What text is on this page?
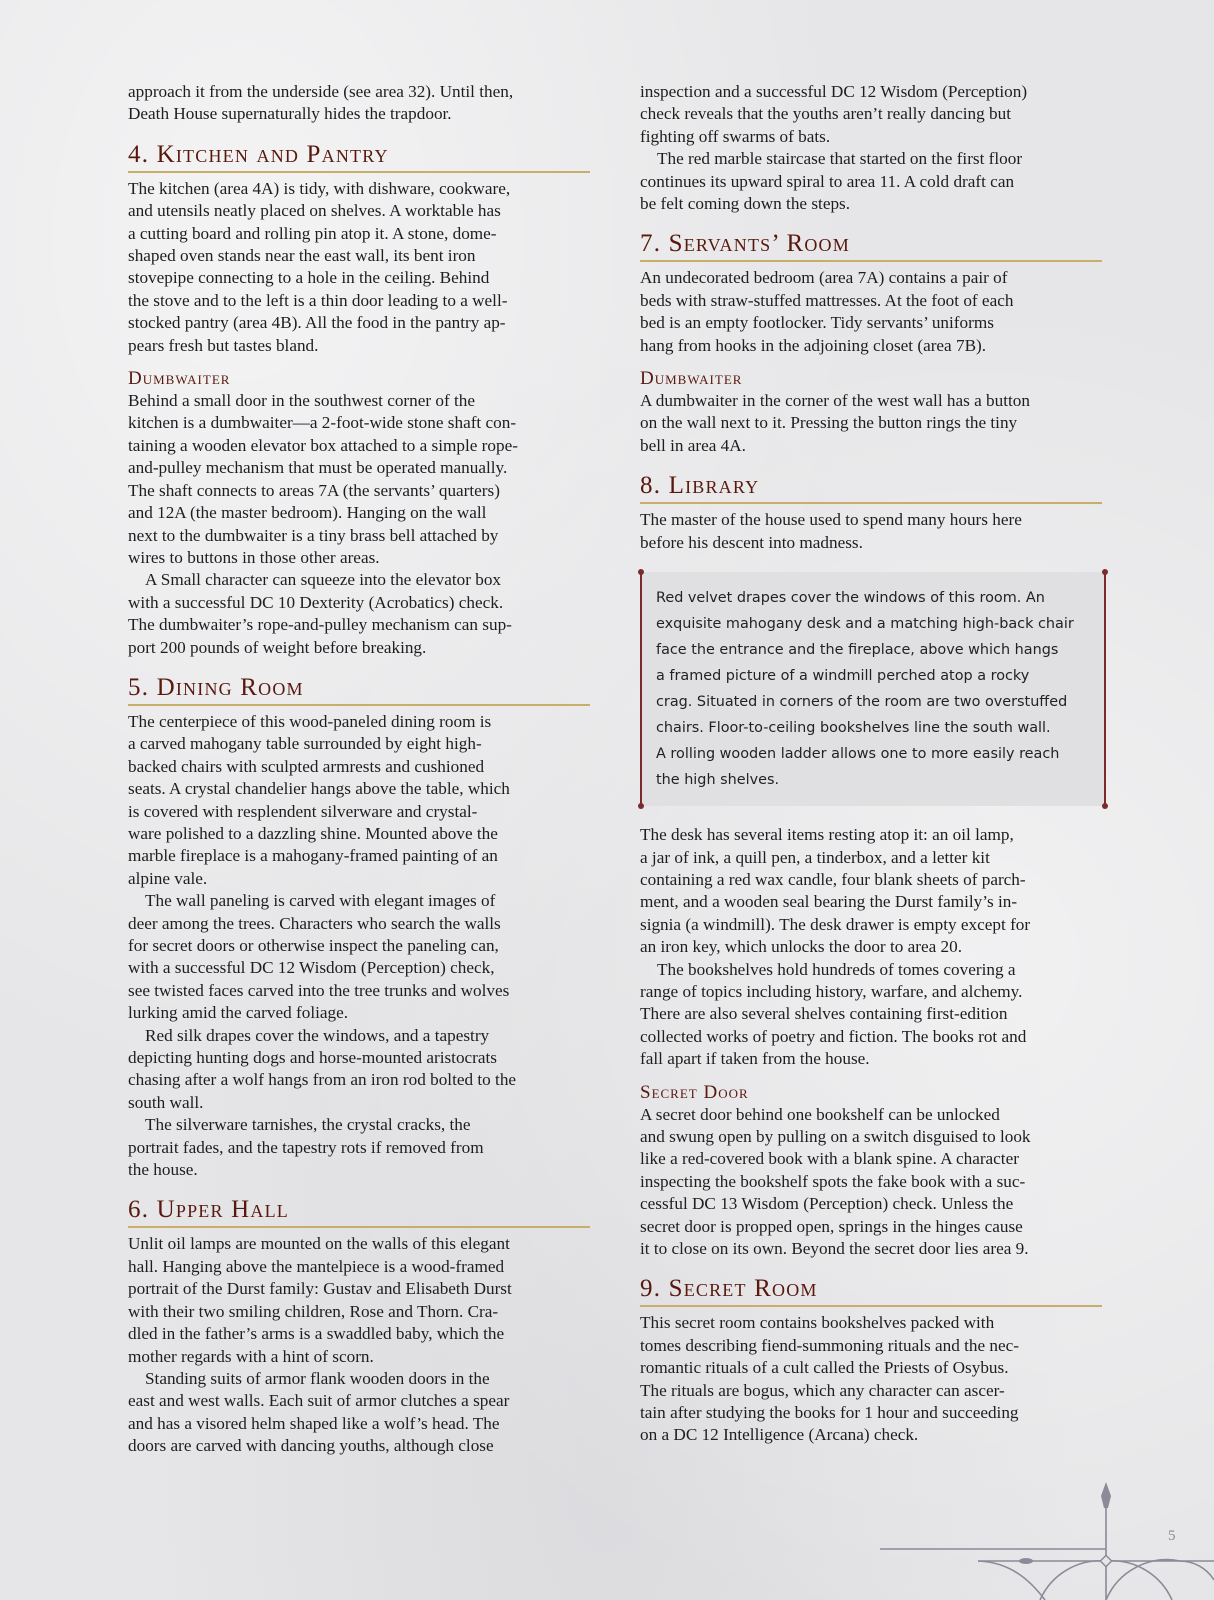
approach it from the underside (see area 32). Until then,
Death House supernaturally hides the trapdoor.
4. Kitchen and Pantry
The kitchen (area 4A) is tidy, with dishware, cookware,
and utensils neatly placed on shelves. A worktable has
a cutting board and rolling pin atop it. A stone, dome-
shaped oven stands near the east wall, its bent iron
stovepipe connecting to a hole in the ceiling. Behind
the stove and to the left is a thin door leading to a well-
stocked pantry (area 4B). All the food in the pantry ap-
pears fresh but tastes bland.
Dumbwaiter
Behind a small door in the southwest corner of the
kitchen is a dumbwaiter—a 2-foot-wide stone shaft con-
taining a wooden elevator box attached to a simple rope-
and-pulley mechanism that must be operated manually.
The shaft connects to areas 7A (the servants’ quarters)
and 12A (the master bedroom). Hanging on the wall
next to the dumbwaiter is a tiny brass bell attached by
wires to buttons in those other areas.
A Small character can squeeze into the elevator box
with a successful DC 10 Dexterity (Acrobatics) check.
The dumbwaiter’s rope-and-pulley mechanism can sup-
port 200 pounds of weight before breaking.
5. Dining Room
The centerpiece of this wood-paneled dining room is
a carved mahogany table surrounded by eight high-
backed chairs with sculpted armrests and cushioned
seats. A crystal chandelier hangs above the table, which
is covered with resplendent silverware and crystal-
ware polished to a dazzling shine. Mounted above the
marble fireplace is a mahogany-framed painting of an
alpine vale.
The wall paneling is carved with elegant images of
deer among the trees. Characters who search the walls
for secret doors or otherwise inspect the paneling can,
with a successful DC 12 Wisdom (Perception) check,
see twisted faces carved into the tree trunks and wolves
lurking amid the carved foliage.
Red silk drapes cover the windows, and a tapestry
depicting hunting dogs and horse-mounted aristocrats
chasing after a wolf hangs from an iron rod bolted to the
south wall.
The silverware tarnishes, the crystal cracks, the
portrait fades, and the tapestry rots if removed from
the house.
6. Upper Hall
Unlit oil lamps are mounted on the walls of this elegant
hall. Hanging above the mantelpiece is a wood-framed
portrait of the Durst family: Gustav and Elisabeth Durst
with their two smiling children, Rose and Thorn. Cra-
dled in the father’s arms is a swaddled baby, which the
mother regards with a hint of scorn.
Standing suits of armor flank wooden doors in the
east and west walls. Each suit of armor clutches a spear
and has a visored helm shaped like a wolf’s head. The
doors are carved with dancing youths, although close
inspection and a successful DC 12 Wisdom (Perception)
check reveals that the youths aren’t really dancing but
fighting off swarms of bats.
The red marble staircase that started on the first floor
continues its upward spiral to area 11. A cold draft can
be felt coming down the steps.
7. Servants’ Room
An undecorated bedroom (area 7A) contains a pair of
beds with straw-stuffed mattresses. At the foot of each
bed is an empty footlocker. Tidy servants’ uniforms
hang from hooks in the adjoining closet (area 7B).
Dumbwaiter
A dumbwaiter in the corner of the west wall has a button
on the wall next to it. Pressing the button rings the tiny
bell in area 4A.
8. Library
The master of the house used to spend many hours here
before his descent into madness.
Red velvet drapes cover the windows of this room. An
exquisite mahogany desk and a matching high-back chair
face the entrance and the fireplace, above which hangs
a framed picture of a windmill perched atop a rocky
crag. Situated in corners of the room are two overstuffed
chairs. Floor-to-ceiling bookshelves line the south wall.
A rolling wooden ladder allows one to more easily reach
the high shelves.
The desk has several items resting atop it: an oil lamp,
a jar of ink, a quill pen, a tinderbox, and a letter kit
containing a red wax candle, four blank sheets of parch-
ment, and a wooden seal bearing the Durst family’s in-
signia (a windmill). The desk drawer is empty except for
an iron key, which unlocks the door to area 20.
The bookshelves hold hundreds of tomes covering a
range of topics including history, warfare, and alchemy.
There are also several shelves containing first-edition
collected works of poetry and fiction. The books rot and
fall apart if taken from the house.
Secret Door
A secret door behind one bookshelf can be unlocked
and swung open by pulling on a switch disguised to look
like a red-covered book with a blank spine. A character
inspecting the bookshelf spots the fake book with a suc-
cessful DC 13 Wisdom (Perception) check. Unless the
secret door is propped open, springs in the hinges cause
it to close on its own. Beyond the secret door lies area 9.
9. Secret Room
This secret room contains bookshelves packed with
tomes describing fiend-summoning rituals and the nec-
romantic rituals of a cult called the Priests of Osybus.
The rituals are bogus, which any character can ascer-
tain after studying the books for 1 hour and succeeding
on a DC 12 Intelligence (Arcana) check.
5
